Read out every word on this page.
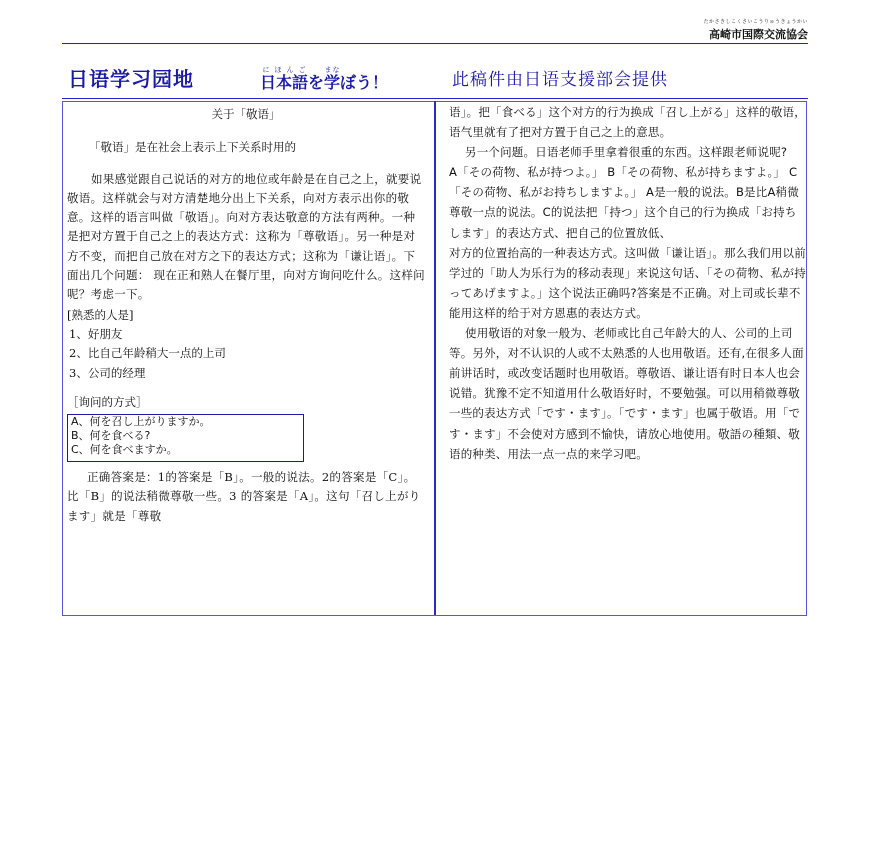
たかさきしこくさいこうりゅうきょうかい
高崎市国際交流協会
日语学习园地	日本語にほんごを学まなぼう！	此稿件由日语支援部会提供

关于「敬语」

「敬语」是在社会上表示上下关系时用的

如果感觉跟自己说话的对方的地位或年龄是在自己之上，就要说敬语。这样就会与对方清楚地分出上下关系，向对方表示出你的敬意。这样的语言叫做「敬语」。向对方表达敬意的方法有两种。一种是把对方置于自己之上的表达方式：这称为「尊敬语」。另一种是对方不变，而把自己放在对方之下的表达方式；这称为「谦让语」。下面出几个问题： 现在正和熟人在餐厅里，向对方询问吃什么。这样问呢？考虑一下。

[熟悉的人是]

1、好朋友

2、比自己年龄稍大一点的上司

3、公司的经理

［询问的方式］

A、何を召し上がりますか。
B、何を食べる?
C、何を食べますか。

正确答案是：1的答案是「B」。一般的说法。2的答案是「C」。比「B」的说法稍微尊敬一些。3 的答案是「A」。这句「召し上がります」就是「尊敬

语」。把「食べる」这个对方的行为换成「召し上がる」这样的敬语，语气里就有了把对方置于自己之上的意思。

另一个问题。日语老师手里拿着很重的东西。这样跟老师说呢?

A「その荷物、私が持つよ。」 B「その荷物、私が持ちますよ。」 C「その荷物、私がお持ちしますよ。」 A是一般的说法。B是比A稍微尊敬一点的说法。C的说法把「持つ」这个自己的行为换成「お持ちします」的表达方式、把自己的位置放低、

对方的位置抬高的一种表达方式。这叫做「谦让语」。那么我们用以前学过的「助人为乐行为的移动表现」来说这句话、「その荷物、私が持ってあげますよ。」这个说法正确吗?答案是不正确。对上司或长辈不能用这样的给于对方恩惠的表达方式。

使用敬语的对象一般为、老师或比自己年龄大的人、公司的上司等。另外，对不认识的人或不太熟悉的人也用敬语。还有,在很多人面前讲话时，或改变话题时也用敬语。尊敬语、谦让语有时日本人也会说错。犹豫不定不知道用什么敬语好时，不要勉强。可以用稍微尊敬一些的表达方式「です・ます」。「です・ます」也属于敬语。用「です・ます」不会使对方感到不愉快，请放心地使用。敬語の種類、敬语的种类、用法一点一点的来学习吧。
